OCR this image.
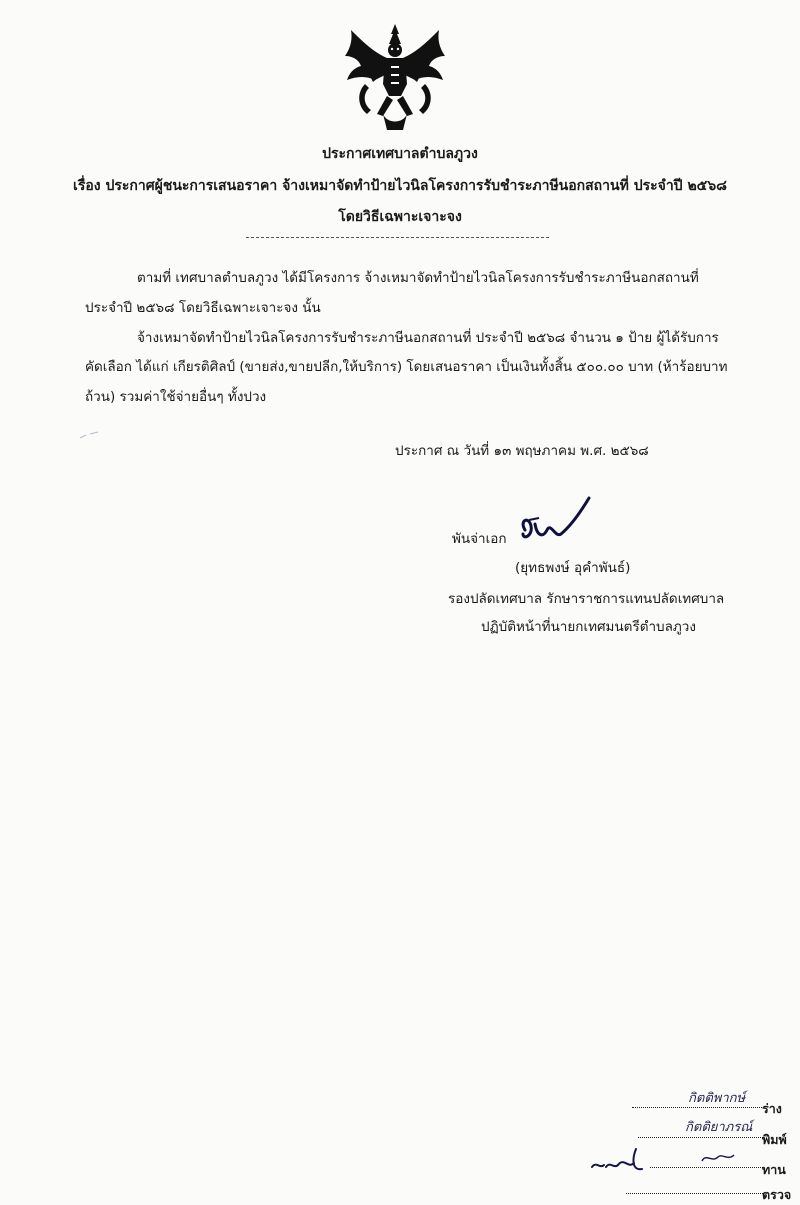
ประกาศเทศบาลตำบลภูวง
เรื่อง ประกาศผู้ชนะการเสนอราคา จ้างเหมาจัดทำป้ายไวนิลโครงการรับชำระภาษีนอกสถานที่ ประจำปี ๒๕๖๘
โดยวิธีเฉพาะเจาะจง
ตามที่ เทศบาลตำบลภูวง ได้มีโครงการ จ้างเหมาจัดทำป้ายไวนิลโครงการรับชำระภาษีนอกสถานที่
ประจำปี ๒๕๖๘ โดยวิธีเฉพาะเจาะจง นั้น
จ้างเหมาจัดทำป้ายไวนิลโครงการรับชำระภาษีนอกสถานที่ ประจำปี ๒๕๖๘ จำนวน ๑ ป้าย ผู้ได้รับการ
คัดเลือก ได้แก่ เกียรติศิลป์ (ขายส่ง,ขายปลีก,ให้บริการ) โดยเสนอราคา เป็นเงินทั้งสิ้น ๕๐๐.๐๐ บาท (ห้าร้อยบาท
ถ้วน) รวมค่าใช้จ่ายอื่นๆ ทั้งปวง
ประกาศ ณ วันที่ ๑๓ พฤษภาคม พ.ศ. ๒๕๖๘
พันจ่าเอก
(ยุทธพงษ์ อุคำพันธ์)
รองปลัดเทศบาล รักษาราชการแทนปลัดเทศบาล
ปฏิบัติหน้าที่นายกเทศมนตรีตำบลภูวง
กิตติพากษ์
ร่าง
กิตติยาภรณ์
พิมพ์
ทาน
ตรวจ
